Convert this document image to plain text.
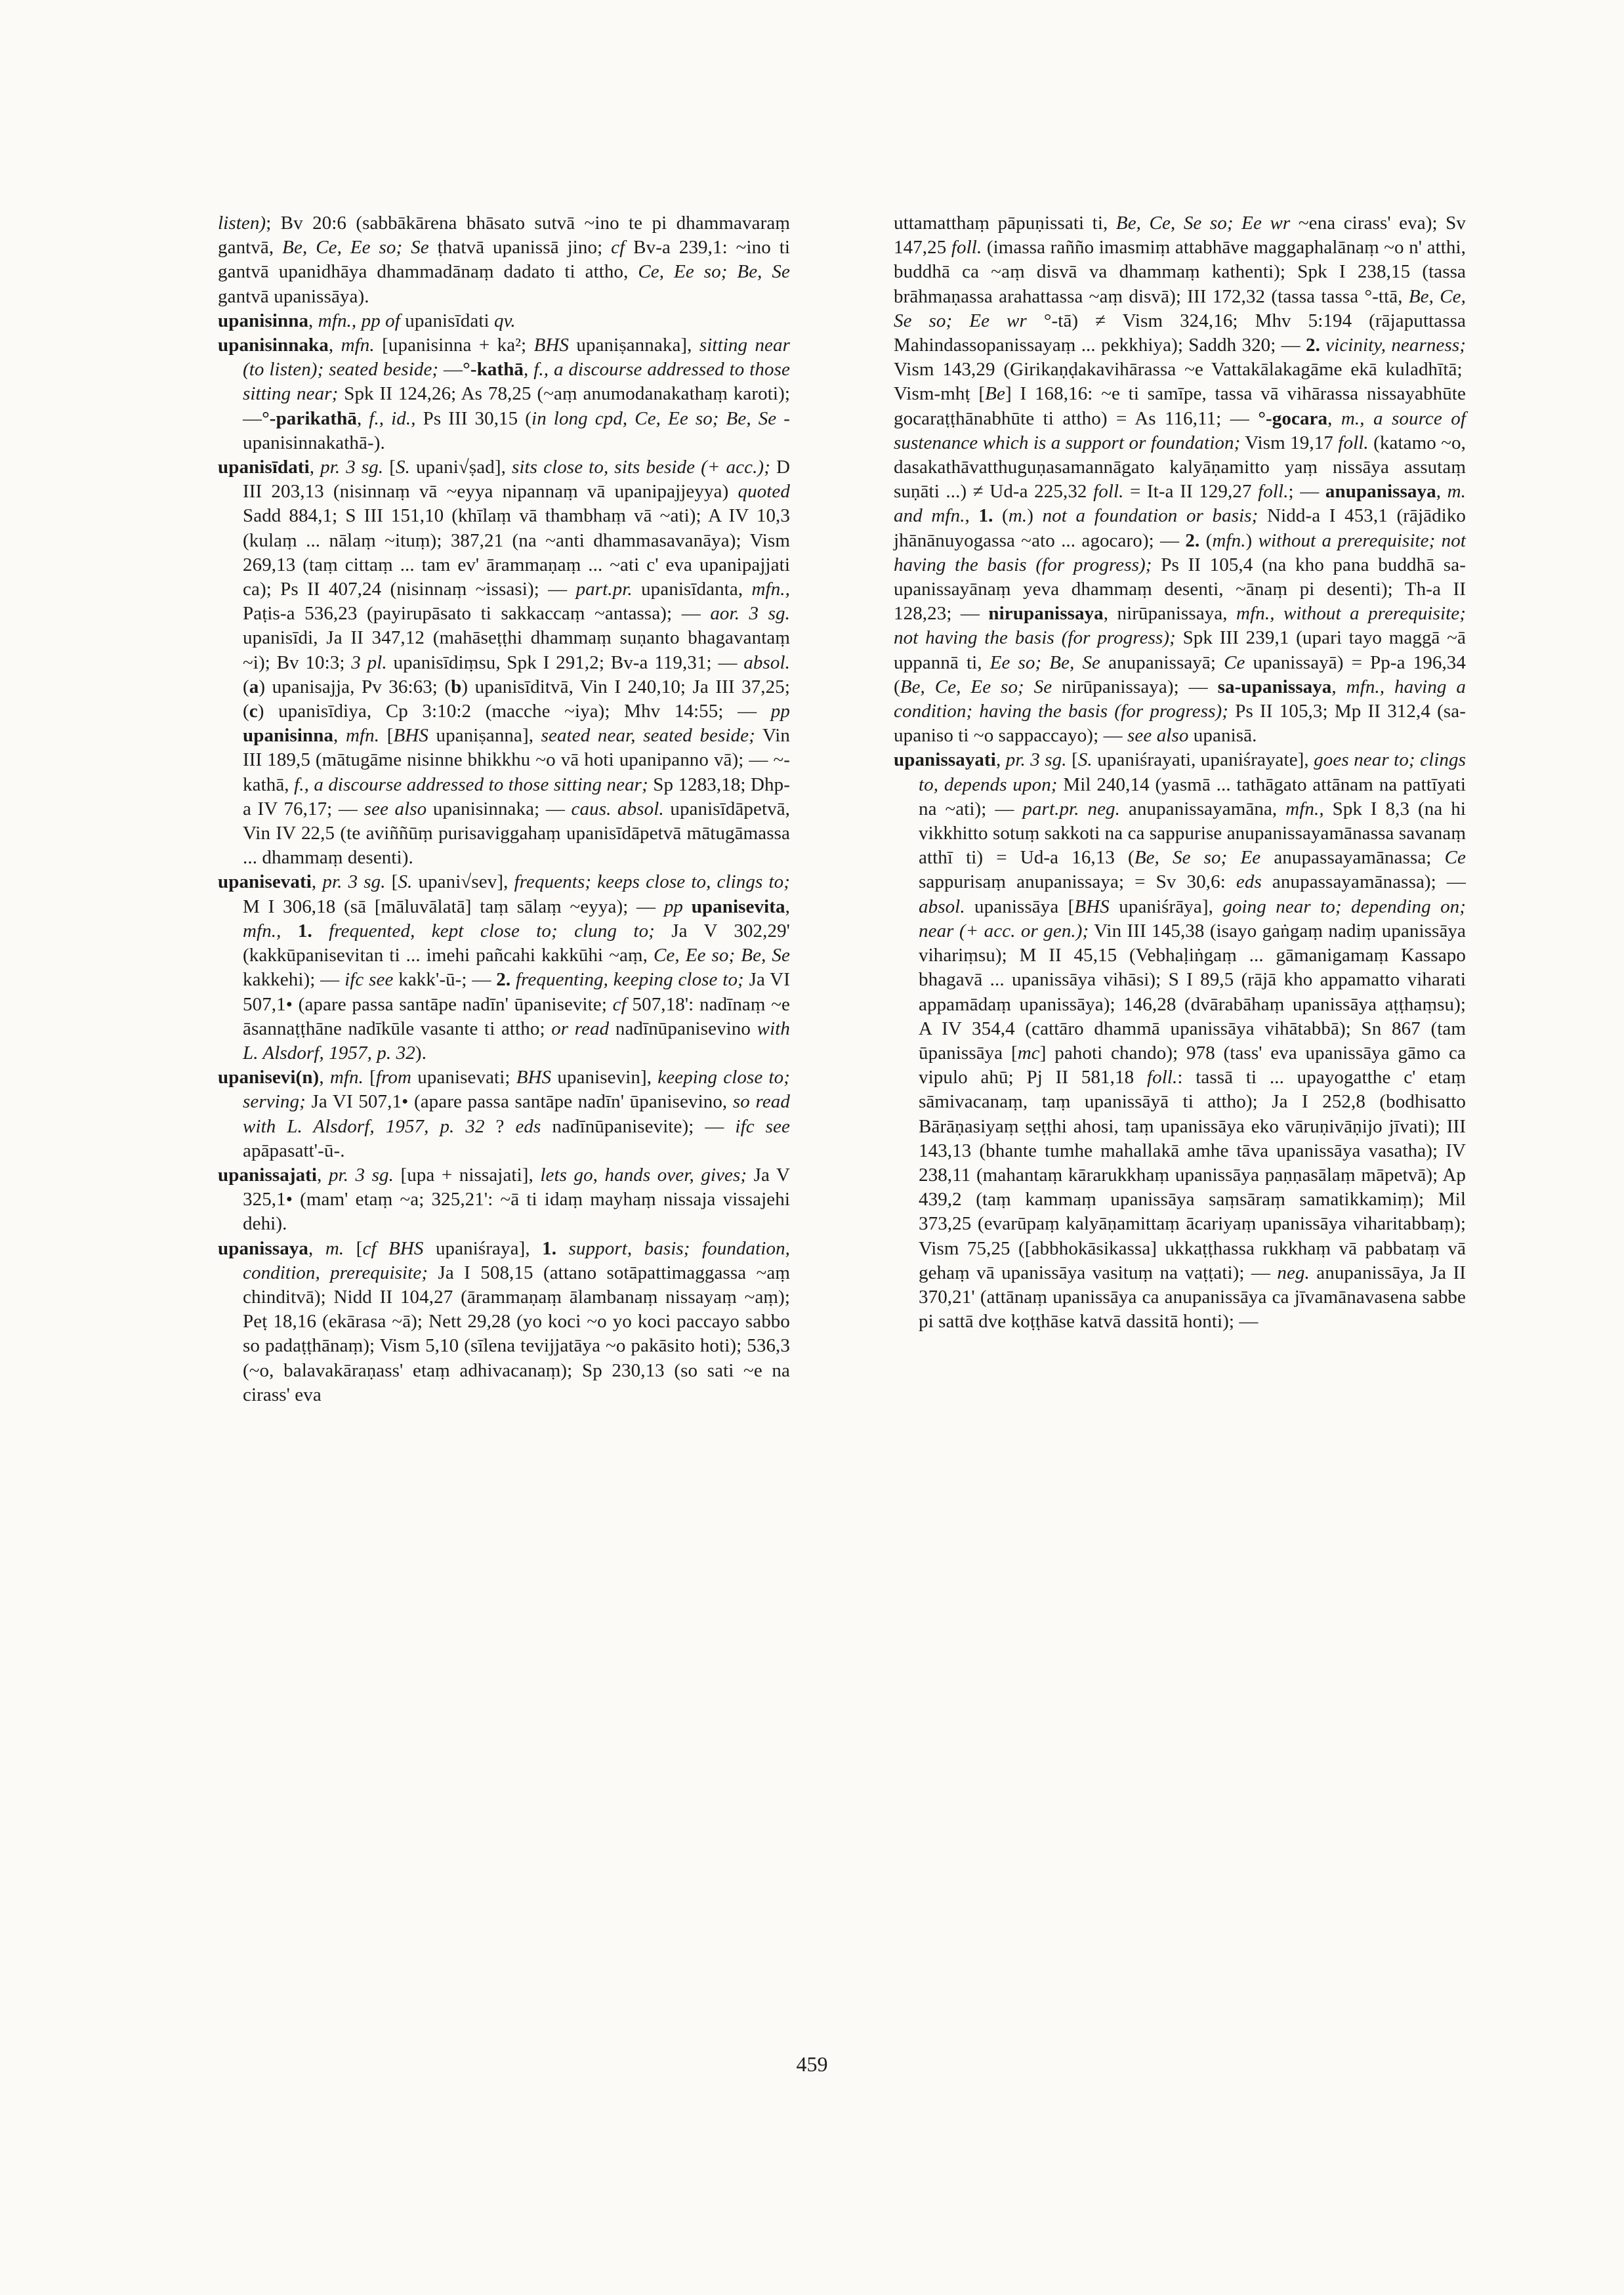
listen); Bv 20:6 (sabbākārena bhāsato sutvā ~ino te pi dhammavaraṃ gantvā, Be, Ce, Ee so; Se ṭhatvā upanissā jino; cf Bv-a 239,1: ~ino ti gantvā upanidhāya dhammadānaṃ dadato ti attho, Ce, Ee so; Be, Se gantvā upanissāya).

upanisinna, mfn., pp of upanisīdati qv.

upanisinnaka, mfn. [upanisinna + ka²; BHS upaniṣannaka], sitting near (to listen); seated beside; —°-kathā, f., a discourse addressed to those sitting near; Spk II 124,26; As 78,25 (~aṃ anumodanakathaṃ karoti); —°-parikathā, f., id., Ps III 30,15 (in long cpd, Ce, Ee so; Be, Se -upanisinnakathā-).

upanisīdati, pr. 3 sg. [S. upani√ṣad], sits close to, sits beside (+ acc.); D III 203,13 (nisinnaṃ vā ~eyya nipannaṃ vā upanipajjeyya) quoted Sadd 884,1; S III 151,10 (khīlaṃ vā thambhaṃ vā ~ati); A IV 10,3 (kulaṃ ... nālaṃ ~ituṃ); 387,21 (na ~anti dhammasavanāya); Vism 269,13 (taṃ cittaṃ ... tam ev' ārammaṇaṃ ... ~ati c' eva upanipajjati ca); Ps II 407,24 (nisinnaṃ ~issasi); — part.pr. upanisīdanta, mfn., Paṭis-a 536,23 (payirupāsato ti sakkaccaṃ ~antassa); — aor. 3 sg. upanisīdi, Ja II 347,12 (mahāseṭṭhi dhammaṃ suṇanto bhagavantaṃ ~i); Bv 10:3; 3 pl. upanisīdiṃsu, Spk I 291,2; Bv-a 119,31; — absol. (a) upanisajja, Pv 36:63; (b) upanisīditvā, Vin I 240,10; Ja III 37,25; (c) upanisīdiya, Cp 3:10:2 (macche ~iya); Mhv 14:55; — pp upanisinna, mfn. [BHS upaniṣanna], seated near, seated beside; Vin III 189,5 (mātugāme nisinne bhikkhu ~o vā hoti upanipanno vā); — ~-kathā, f., a discourse addressed to those sitting near; Sp 1283,18; Dhp-a IV 76,17; — see also upanisinnaka; — caus. absol. upanisīdāpetvā, Vin IV 22,5 (te aviññūṃ purisaviggahaṃ upanisīdāpetvā mātugāmassa ... dhammaṃ desenti).

upanisevati, pr. 3 sg. [S. upani√sev], frequents; keeps close to, clings to; M I 306,18 (sā [māluvālatā] taṃ sālaṃ ~eyya); — pp upanisevita, mfn., 1. frequented, kept close to; clung to; Ja V 302,29' (kakkūpanisevitan ti ... imehi pañcahi kakkūhi ~aṃ, Ce, Ee so; Be, Se kakkehi); — ifc see kakk'-ū-; — 2. frequenting, keeping close to; Ja VI 507,1• (apare passa santāpe nadīn' ūpanisevite; cf 507,18': nadīnaṃ ~e āsannaṭṭhāne nadīkūle vasante ti attho; or read nadīnūpanisevino with L. Alsdorf, 1957, p. 32).

upanisevi(n), mfn. [from upanisevati; BHS upanisevin], keeping close to; serving; Ja VI 507,1• (apare passa santāpe nadīn' ūpanisevino, so read with L. Alsdorf, 1957, p. 32 ? eds nadīnūpanisevite); — ifc see apāpasatt'-ū-.

upanissajati, pr. 3 sg. [upa + nissajati], lets go, hands over, gives; Ja V 325,1• (mam' etaṃ ~a; 325,21': ~ā ti idaṃ mayhaṃ nissaja vissajehi dehi).

upanissaya, m. [cf BHS upaniśraya], 1. support, basis; foundation, condition, prerequisite; Ja I 508,15 (attano sotāpattimaggassa ~aṃ chinditvā); Nidd II 104,27 (ārammaṇaṃ ālambanaṃ nissayaṃ ~aṃ); Peṭ 18,16 (ekārasa ~ā); Nett 29,28 (yo koci ~o yo koci paccayo sabbo so padaṭṭhānaṃ); Vism 5,10 (sīlena tevijjatāya ~o pakāsito hoti); 536,3 (~o, balavakāraṇass' etaṃ adhivacanaṃ); Sp 230,13 (so sati ~e na cirass' eva

uttamatthaṃ pāpuṇissati ti, Be, Ce, Se so; Ee wr ~ena cirass' eva); Sv 147,25 foll. (imassa rañño imasmiṃ attabhāve maggaphalānaṃ ~o n' atthi, buddhā ca ~aṃ disvā va dhammaṃ kathenti); Spk I 238,15 (tassa brāhmaṇassa arahattassa ~aṃ disvā); III 172,32 (tassa tassa °-ttā, Be, Ce, Se so; Ee wr °-tā) ≠ Vism 324,16; Mhv 5:194 (rājaputtassa Mahindassopanissayaṃ ... pekkhiya); Saddh 320; — 2. vicinity, nearness; Vism 143,29 (Girikaṇḍakavihārassa ~e Vattakālakagāme ekā kuladhītā; Vism-mhṭ [Be] I 168,16: ~e ti samīpe, tassa vā vihārassa nissayabhūte gocaraṭṭhānabhūte ti attho) = As 116,11; — °-gocara, m., a source of sustenance which is a support or foundation; Vism 19,17 foll. (katamo ~o, dasakathāvatthuguṇasamannāgato kalyāṇamitto yaṃ nissāya assutaṃ suṇāti ...) ≠ Ud-a 225,32 foll. = It-a II 129,27 foll.; — anupanissaya, m. and mfn., 1. (m.) not a foundation or basis; Nidd-a I 453,1 (rājādiko jhānānuyogassa ~ato ... agocaro); — 2. (mfn.) without a prerequisite; not having the basis (for progress); Ps II 105,4 (na kho pana buddhā sa-upanissayānaṃ yeva dhammaṃ desenti, ~ānaṃ pi desenti); Th-a II 128,23; — nirupanissaya, nirūpanissaya, mfn., without a prerequisite; not having the basis (for progress); Spk III 239,1 (upari tayo maggā ~ā uppannā ti, Ee so; Be, Se anupanissayā; Ce upanissayā) = Pp-a 196,34 (Be, Ce, Ee so; Se nirūpanissaya); — sa-upanissaya, mfn., having a condition; having the basis (for progress); Ps II 105,3; Mp II 312,4 (sa-upaniso ti ~o sappaccayo); — see also upanisā.

upanissayati, pr. 3 sg. [S. upaniśrayati, upaniśrayate], goes near to; clings to, depends upon; Mil 240,14 (yasmā ... tathāgato attānam na pattīyati na ~ati); — part.pr. neg. anupanissayamāna, mfn., Spk I 8,3 (na hi vikkhitto sotuṃ sakkoti na ca sappurise anupanissayamānassa savanaṃ atthī ti) = Ud-a 16,13 (Be, Se so; Ee anupassayamānassa; Ce sappurisaṃ anupanissaya; = Sv 30,6: eds anupassayamānassa); — absol. upanissāya [BHS upaniśrāya], going near to; depending on; near (+ acc. or gen.); Vin III 145,38 (isayo gaṅgaṃ nadiṃ upanissāya vihariṃsu); M II 45,15 (Vebhaḷiṅgaṃ ... gāmanigamaṃ Kassapo bhagavā ... upanissāya vihāsi); S I 89,5 (rājā kho appamatto viharati appamādaṃ upanissāya); 146,28 (dvārabāhaṃ upanissāya aṭṭhaṃsu); A IV 354,4 (cattāro dhammā upanissāya vihātabbā); Sn 867 (tam ūpanissāya [mc] pahoti chando); 978 (tass' eva upanissāya gāmo ca vipulo ahū; Pj II 581,18 foll.: tassā ti ... upayogatthe c' etaṃ sāmivacanaṃ, taṃ upanissāyā ti attho); Ja I 252,8 (bodhisatto Bārāṇasiyaṃ seṭṭhi ahosi, taṃ upanissāya eko vāruṇivāṇijo jīvati); III 143,13 (bhante tumhe mahallakā amhe tāva upanissāya vasatha); IV 238,11 (mahantaṃ kārarukkhaṃ upanissāya paṇṇasālaṃ māpetvā); Ap 439,2 (taṃ kammaṃ upanissāya saṃsāraṃ samatikkamiṃ); Mil 373,25 (evarūpaṃ kalyāṇamittaṃ ācariyaṃ upanissāya viharitabbaṃ); Vism 75,25 ([abbhokāsikassa] ukkaṭṭhassa rukkhaṃ vā pabbataṃ vā gehaṃ vā upanissāya vasituṃ na vaṭṭati); — neg. anupanissāya, Ja II 370,21' (attānaṃ upanissāya ca anupanissāya ca jīvamānavasena sabbe pi sattā dve koṭṭhāse katvā dassitā honti); —

459
